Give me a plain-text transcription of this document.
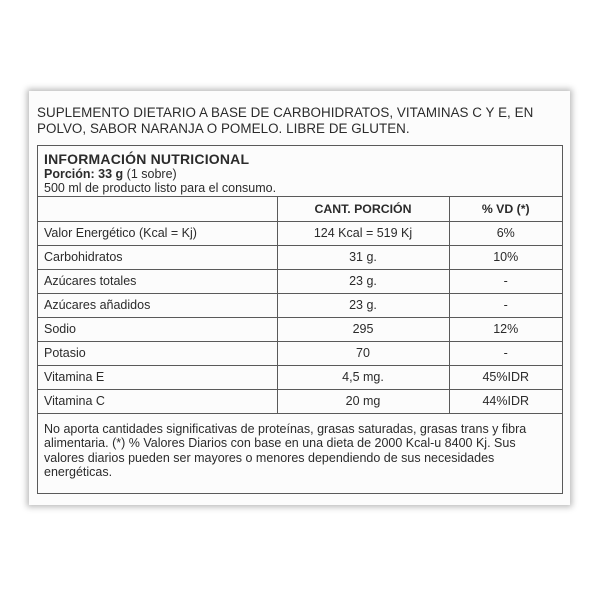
SUPLEMENTO DIETARIO A BASE DE CARBOHIDRATOS, VITAMINAS C Y E, EN POLVO, SABOR NARANJA O POMELO. LIBRE DE GLUTEN.
INFORMACIÓN NUTRICIONAL
Porción: 33 g (1 sobre)
500 ml de producto listo para el consumo.
	CANT. PORCIÓN	% VD (*)
Valor Energético (Kcal = Kj)	124 Kcal = 519 Kj	6%
Carbohidratos	31 g.	10%
Azúcares totales	23 g.	-
Azúcares añadidos	23 g.	-
Sodio	295	12%
Potasio	70	-
Vitamina E	4,5 mg.	45%IDR
Vitamina C	20 mg	44%IDR
No aporta cantidades significativas de proteínas, grasas saturadas, grasas trans y fibra alimentaria. (*) % Valores Diarios con base en una dieta de 2000 Kcal-u 8400 Kj. Sus valores diarios pueden ser mayores o menores dependiendo de sus necesidades energéticas.
